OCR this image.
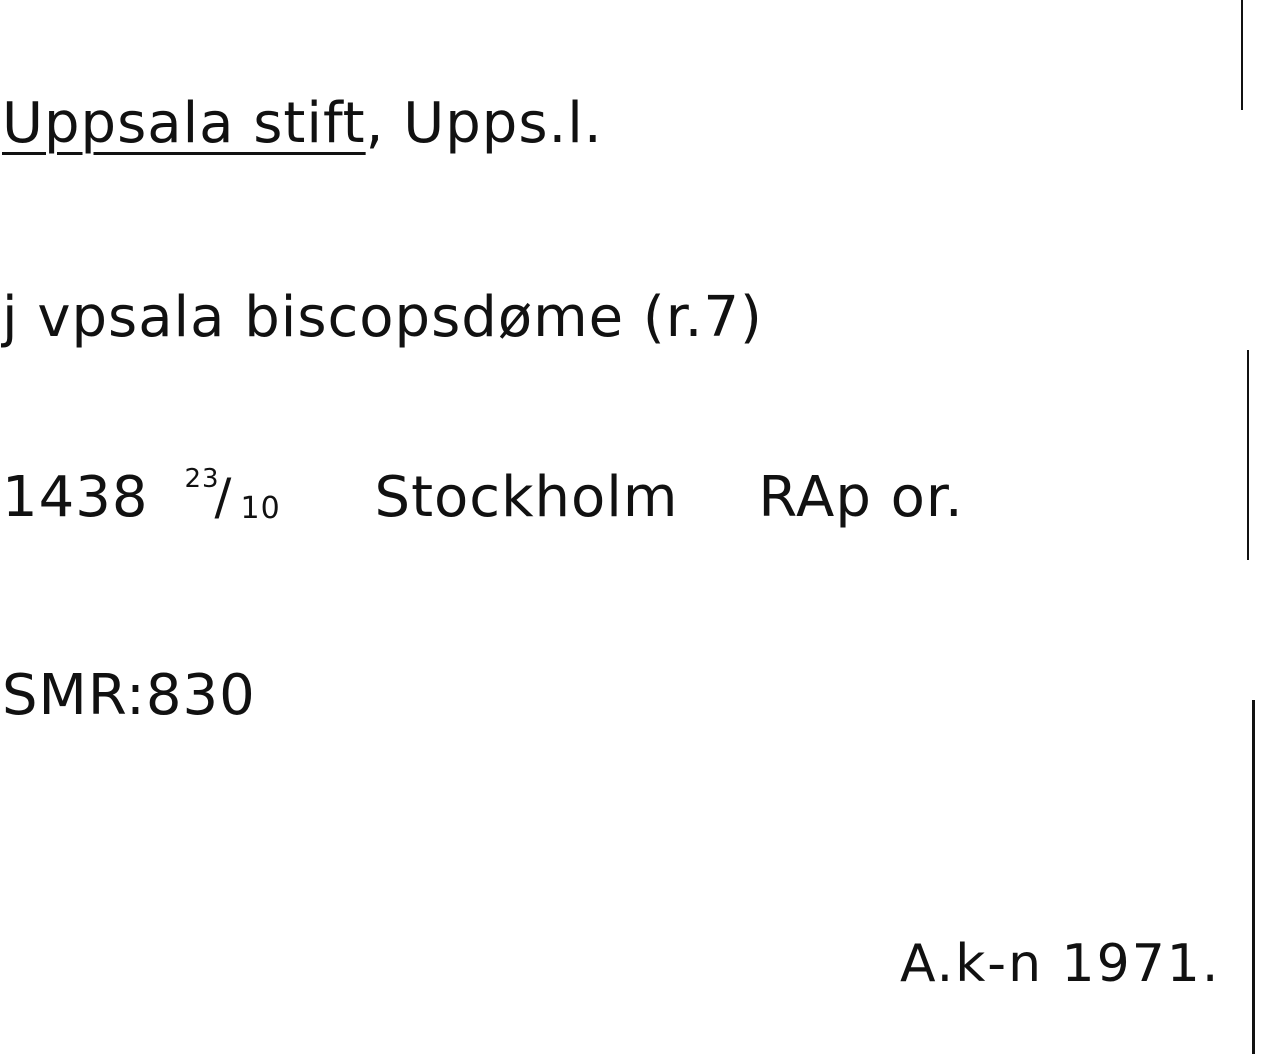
Uppsala stift, Upps.l.
j vpsala biscopsdøme (r.7)
1438 23
/ 10 Stockholm RAp or.
SMR:830
A.k-n 1971.
